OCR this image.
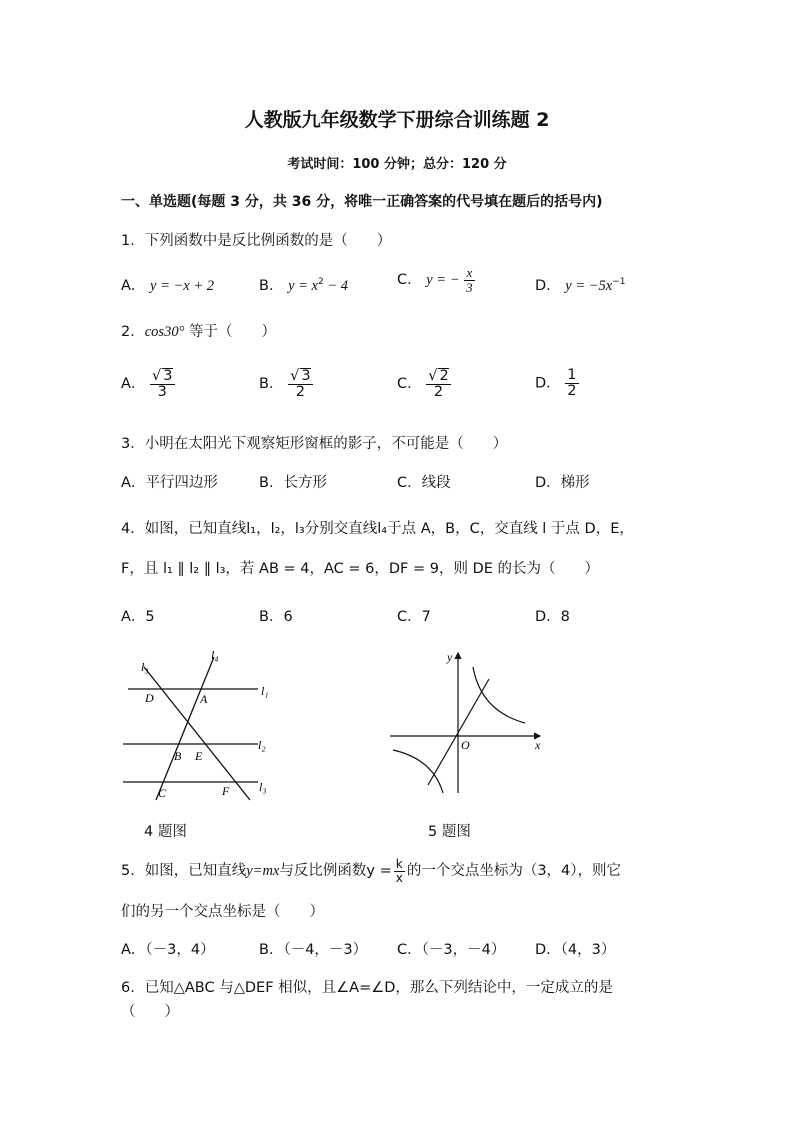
人教版九年级数学下册综合训练题 2
考试时间：100 分钟；总分：120 分
一、单选题(每题 3 分，共 36 分，将唯一正确答案的代号填在题后的括号内)
1．下列函数中是反比例函数的是（　　）
A． y = −x + 2	B． $y = x^2 - 4$	C． y = − $\frac{x}{3}$	D． $y = -5x^{-1}$
2．cos30° 等于（　　）
A． $\frac{√ 3}{3}$	B． $\frac{√ 3}{2}$	C． $\frac{√ 2}{2}$	D． $\frac{1}{2}$
3．小明在太阳光下观察矩形窗框的影子，不可能是（　　）
A．平行四边形	B．长方形	C．线段	D．梯形
4．如图，已知直线l₁，l₂，l₃分别交直线l₄于点 A，B，C，交直线 l 于点 D，E，
F，且 l₁ ∥ l₂ ∥ l₃，若 AB = 4，AC = 6，DF = 9，则 DE 的长为（　　）
A．5	B．6	C．7	D．8
l₃
l₄
l₁
l₂
l₃
D	A
B E
C	F
4 题图
y
x
O
5 题图
5．如图，已知直线y=mx与反比例函数$y = \frac{k}{x}$ 的一个交点坐标为（3，4），则它
们的另一个交点坐标是（　　）
A．（－3，4）	B．（－4，－3） C．（－3，－4） D．（4，3）
6．已知△ABC 与△DEF 相似，且∠A=∠D，那么下列结论中，一定成立的是
（　　）
